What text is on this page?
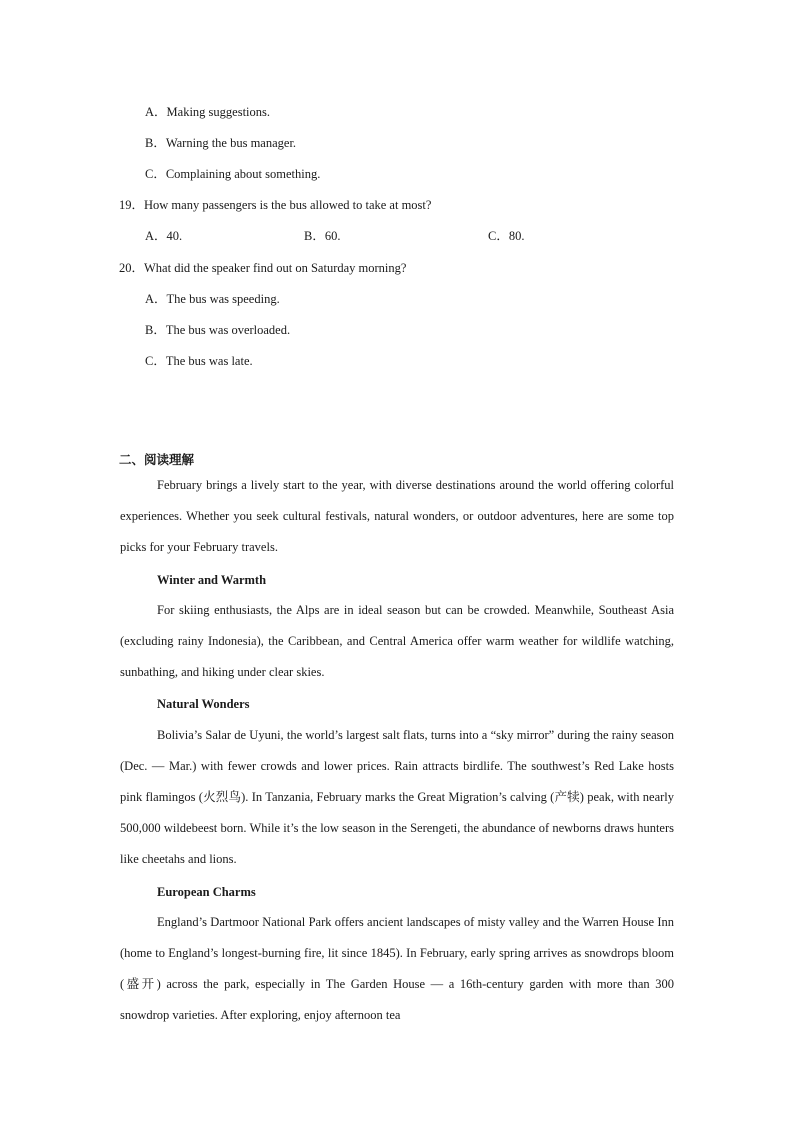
A．Making suggestions.
B．Warning the bus manager.
C．Complaining about something.
19．How many passengers is the bus allowed to take at most?
A．40.	B．60.	C．80.
20．What did the speaker find out on Saturday morning?
A．The bus was speeding.
B．The bus was overloaded.
C．The bus was late.
二、阅读理解
February brings a lively start to the year, with diverse destinations around the world offering colorful experiences. Whether you seek cultural festivals, natural wonders, or outdoor adventures, here are some top picks for your February travels.
Winter and Warmth
For skiing enthusiasts, the Alps are in ideal season but can be crowded. Meanwhile, Southeast Asia (excluding rainy Indonesia), the Caribbean, and Central America offer warm weather for wildlife watching, sunbathing, and hiking under clear skies.
Natural Wonders
Bolivia’s Salar de Uyuni, the world’s largest salt flats, turns into a “sky mirror” during the rainy season (Dec. — Mar.) with fewer crowds and lower prices. Rain attracts birdlife. The southwest’s Red Lake hosts pink flamingos (火烈鸟). In Tanzania, February marks the Great Migration’s calving (产犊) peak, with nearly 500,000 wildebeest born. While it’s the low season in the Serengeti, the abundance of newborns draws hunters like cheetahs and lions.
European Charms
England’s Dartmoor National Park offers ancient landscapes of misty valley and the Warren House Inn (home to England’s longest-burning fire, lit since 1845). In February, early spring arrives as snowdrops bloom (盛开) across the park, especially in The Garden House — a 16th-century garden with more than 300 snowdrop varieties. After exploring, enjoy afternoon tea
